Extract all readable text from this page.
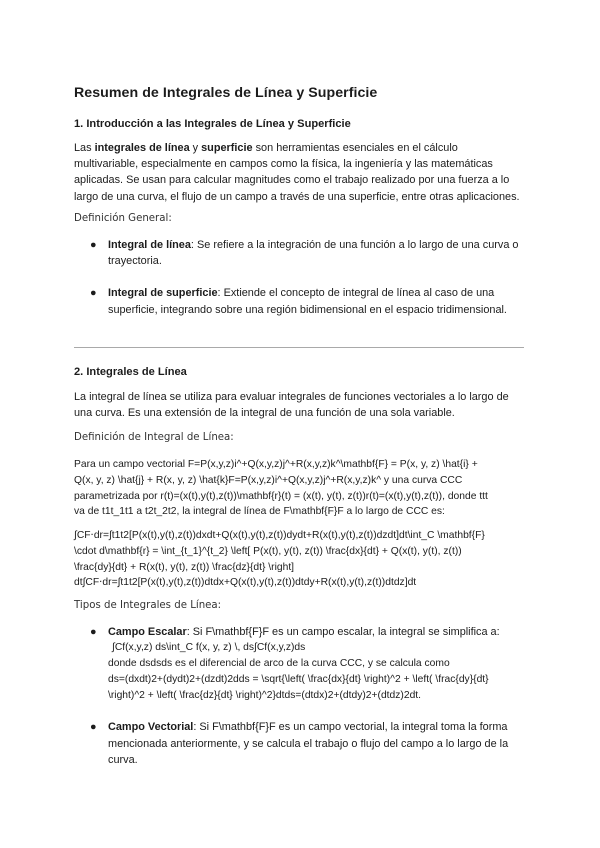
Resumen de Integrales de Línea y Superficie
1. Introducción a las Integrales de Línea y Superficie
Las integrales de línea y superficie son herramientas esenciales en el cálculo
multivariable, especialmente en campos como la física, la ingeniería y las matemáticas
aplicadas. Se usan para calcular magnitudes como el trabajo realizado por una fuerza a lo
largo de una curva, el flujo de un campo a través de una superficie, entre otras aplicaciones.
Definición General:
● Integral de línea: Se refiere a la integración de una función a lo largo de una curva o
trayectoria.
● Integral de superficie: Extiende el concepto de integral de línea al caso de una
superficie, integrando sobre una región bidimensional en el espacio tridimensional.
2. Integrales de Línea
La integral de línea se utiliza para evaluar integrales de funciones vectoriales a lo largo de
una curva. Es una extensión de la integral de una función de una sola variable.
Definición de Integral de Línea:
Para un campo vectorial F=P(x,y,z)i^+Q(x,y,z)j^+R(x,y,z)k^\mathbf{F} = P(x, y, z) \hat{i} +
Q(x, y, z) \hat{j} + R(x, y, z) \hat{k}F=P(x,y,z)i^+Q(x,y,z)j^+R(x,y,z)k^ y una curva CCC
parametrizada por r(t)=(x(t),y(t),z(t))\mathbf{r}(t) = (x(t), y(t), z(t))r(t)=(x(t),y(t),z(t)), donde ttt
va de t1t_1t1 a t2t_2t2, la integral de línea de F\mathbf{F}F a lo largo de CCC es:
∫CF⋅dr=∫t1t2[P(x(t),y(t),z(t))dxdt+Q(x(t),y(t),z(t))dydt+R(x(t),y(t),z(t))dzdt]dt\int_C \mathbf{F}
\cdot d\mathbf{r} = \int_{t_1}^{t_2} \left[ P(x(t), y(t), z(t)) \frac{dx}{dt} + Q(x(t), y(t), z(t))
\frac{dy}{dt} + R(x(t), y(t), z(t)) \frac{dz}{dt} \right]
dt∫CF⋅dr=∫t1t2[P(x(t),y(t),z(t))dtdx+Q(x(t),y(t),z(t))dtdy+R(x(t),y(t),z(t))dtdz]dt
Tipos de Integrales de Línea:
● Campo Escalar: Si F\mathbf{F}F es un campo escalar, la integral se simplifica a:
∫Cf(x,y,z) ds\int_C f(x, y, z) \, ds∫Cf(x,y,z)ds
donde dsdsds es el diferencial de arco de la curva CCC, y se calcula como
ds=(dxdt)2+(dydt)2+(dzdt)2dds = \sqrt{\left( \frac{dx}{dt} \right)^2 + \left( \frac{dy}{dt}
\right)^2 + \left( \frac{dz}{dt} \right)^2}dtds=(dtdx)2+(dtdy)2+(dtdz)2dt.
● Campo Vectorial: Si F\mathbf{F}F es un campo vectorial, la integral toma la forma
mencionada anteriormente, y se calcula el trabajo o flujo del campo a lo largo de la
curva.
